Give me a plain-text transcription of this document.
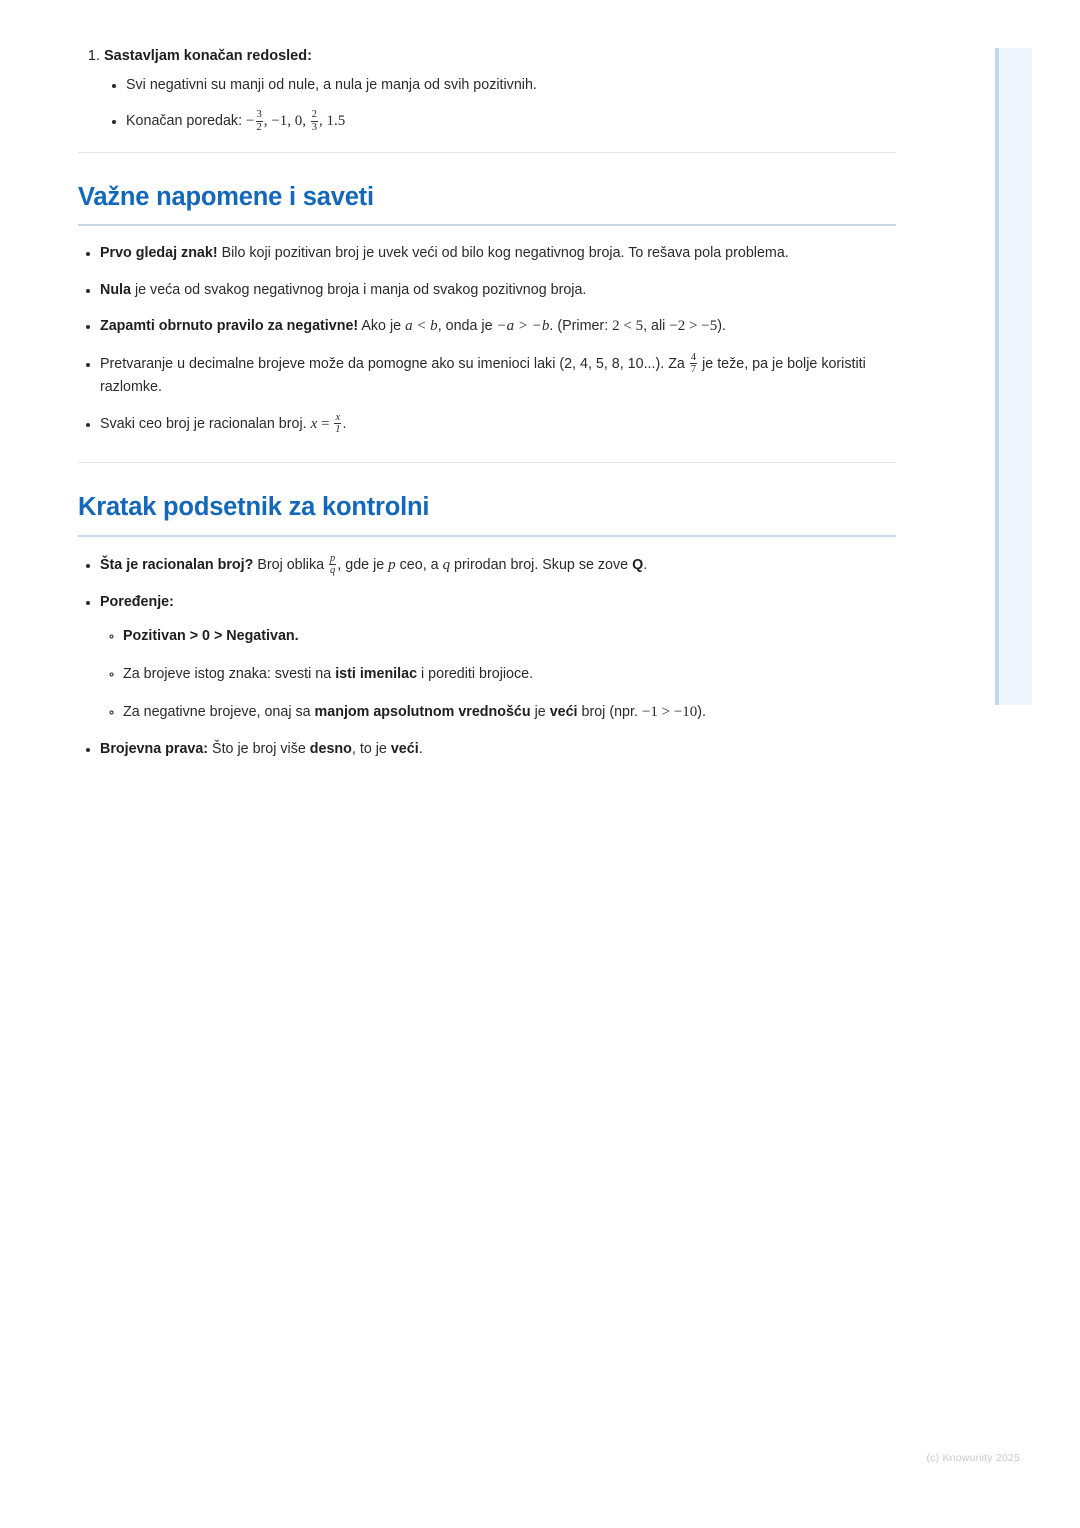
1. Sastavljam konačan redosled:
• Svi negativni su manji od nule, a nula je manja od svih pozitivnih.
• Konačan poredak: − $\frac{3}{2}$ , −1, 0, $\frac{2}{3}$ , 1.5
Važne napomene i saveti
• Prvo gledaj znak! Bilo koji pozitivan broj je uvek veći od bilo kog negativnog broja. To rešava pola problema.
• Nula je veća od svakog negativnog broja i manja od svakog pozitivnog broja.
• Zapamti obrnuto pravilo za negativne! Ako je a < b, onda je −a > −b. (Primer: 2 < 5, ali −2 > −5).
• Pretvaranje u decimalne brojeve može da pomogne ako su imenioci laki (2, 4, 5, 8, 10...). Za $\frac{4}{7}$ je teže, pa je bolje koristiti razlomke.
• Svaki ceo broj je racionalan broj. $x = \frac{x}{1}$ .
Kratak podsetnik za kontrolni
• Šta je racionalan broj? Broj oblika $\frac{p}{q}$ , gde je p ceo, a q prirodan broj. Skup se zove Q.
• Poređenje:
◦ Pozitivan > 0 > Negativan.
◦ Za brojeve istog znaka: svesti na isti imenilac i porediti brojioce.
◦ Za negativne brojeve, onaj sa manjom apsolutnom vrednošću je veći broj (npr. −1 > −10).
• Brojevna prava: Što je broj više desno, to je veći.
(c) Knowunity 2025
